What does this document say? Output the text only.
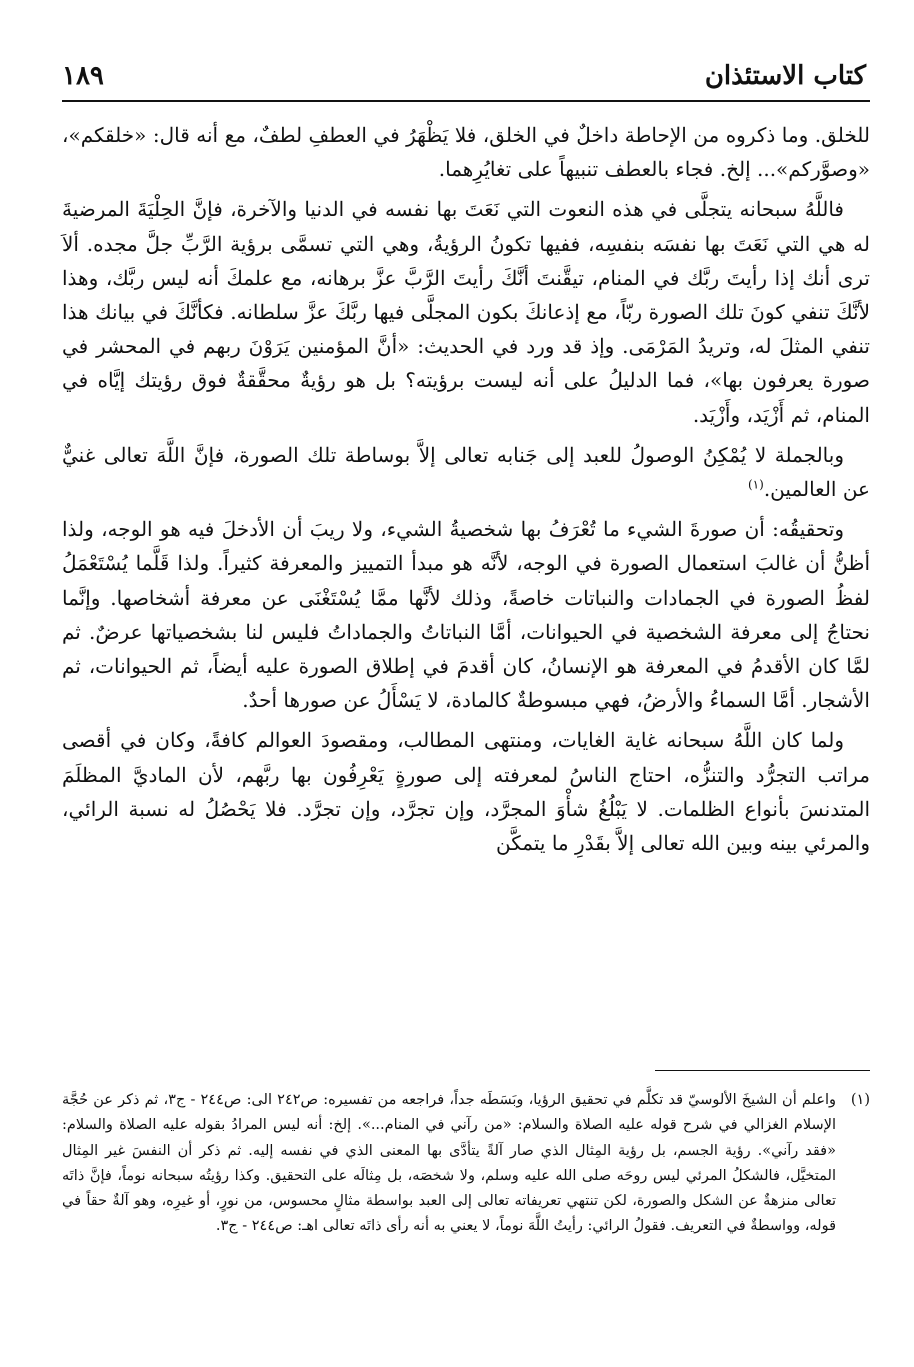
كتاب الاستئذان
١٨٩

للخلق. وما ذكروه من الإحاطة داخلٌ في الخلق، فلا يَظْهَرُ في العطفِ لطفٌ، مع أنه قال: «خلقكم»، «وصوَّركم»... إلخ. فجاء بالعطف تنبيهاً على تغايُرِهما.

فاللَّهُ سبحانه يتجلَّى في هذه النعوت التي نَعَتَ بها نفسه في الدنيا والآخرة، فإنَّ الحِلْيَةَ المرضيةَ له هي التي نَعَتَ بها نفسَه بنفسِه، ففيها تكونُ الرؤيةُ، وهي التي تسمَّى برؤية الرَّبِّ جلَّ مجده. ألاَ ترى أنك إذا رأيتَ ربَّك في المنام، تيقَّنتَ أنَّكَ رأيتَ الرَّبَّ عزَّ برهانه، مع علمكَ أنه ليس ربَّك، وهذا لأنَّكَ تنفي كونَ تلك الصورة ربّاً، مع إذعانكَ بكون المجلَّى فيها ربَّكَ عزَّ سلطانه. فكأنَّكَ في بيانك هذا تنفي المثلَ له، وتريدُ المَرْمَى. وإذ قد ورد في الحديث: «أنَّ المؤمنين يَرَوْنَ ربهم في المحشر في صورة يعرفون بها»، فما الدليلُ على أنه ليست برؤيته؟ بل هو رؤيةٌ محقَّقةٌ فوق رؤيتك إيَّاه في المنام، ثم أَزْيَد، وأَزْيَد.

وبالجملة لا يُمْكِنُ الوصولُ للعبد إلى جَنابه تعالى إلاَّ بوساطة تلك الصورة، فإنَّ اللَّهَ تعالى غنيٌّ عن العالمين.$^{(١)}$

وتحقيقُه: أن صورةَ الشيء ما تُعْرَفُ بها شخصيةُ الشيء، ولا ريبَ أن الأدخلَ فيه هو الوجه، ولذا أظنُّ أن غالبَ استعمال الصورة في الوجه، لأنَّه هو مبدأ التمييز والمعرفة كثيراً. ولذا قَلَّما يُسْتَعْمَلُ لفظُ الصورة في الجمادات والنباتات خاصةً، وذلك لأنَّها ممَّا يُسْتَغْنَى عن معرفة أشخاصها. وإنَّما نحتاجُ إلى معرفة الشخصية في الحيوانات، أمَّا النباتاتُ والجماداتُ فليس لنا بشخصياتها عرضٌ. ثم لمَّا كان الأقدمُ في المعرفة هو الإنسانُ، كان أقدمَ في إطلاق الصورة عليه أيضاً، ثم الحيوانات، ثم الأشجار. أمَّا السماءُ والأرضُ، فهي مبسوطةٌ كالمادة، لا يَسْأَلُ عن صورها أحدٌ.

ولما كان اللَّهُ سبحانه غاية الغايات، ومنتهى المطالب، ومقصودَ العوالم كافةً، وكان في أقصى مراتب التجرُّد والتنزُّه، احتاج الناسُ لمعرفته إلى صورةٍ يَعْرِفُون بها ربَّهم، لأن الماديَّ المظلَمَ المتدنسَ بأنواع الظلمات. لا يَبْلُغُ شأْوَ المجرَّد، وإن تجرَّد، وإن تجرَّد. فلا يَحْصُلُ له نسبة الرائي، والمرئي بينه وبين الله تعالى إلاَّ بقَدْرِ ما يتمكَّن

(١)
واعلم أن الشيخَ الألوسيّ قد تكلَّم في تحقيق الرؤيا، وبَسَطَه جداً، فراجعه من تفسيره: ص٢٤٢ الى: ص٢٤٤ - ج٣، ثم ذكر عن حُجَّة الإسلام الغزالي في شرح قوله عليه الصلاة والسلام: «من رآني في المنام...». إلخ: أنه ليس المرادُ بقوله عليه الصلاة والسلام: «فقد رآني». رؤية الجسم، بل رؤية المِثال الذي صار آلةً يتأدَّى بها المعنى الذي في نفسه إليه. ثم ذكر أن النفسَ غير المِثال المتخيَّل، فالشكلُ المرئي ليس روحَه صلى الله عليه وسلم، ولا شخصَه، بل مِثالَه على التحقيق. وكذا رؤيتُه سبحانه نوماً، فإنَّ ذاتَه تعالى منزهةٌ عن الشكل والصورة، لكن تنتهي تعريفاته تعالى إلى العبد بواسطة مثالٍ محسوس، من نورٍ، أو غيرِه، وهو آلةٌ حقاً في قوله، وواسطةٌ في التعريف. فقولُ الرائي: رأيتُ اللَّهَ نوماً، لا يعني به أنه رأى ذاتَه تعالى اهـ: ص٢٤٤ - ج٣.
